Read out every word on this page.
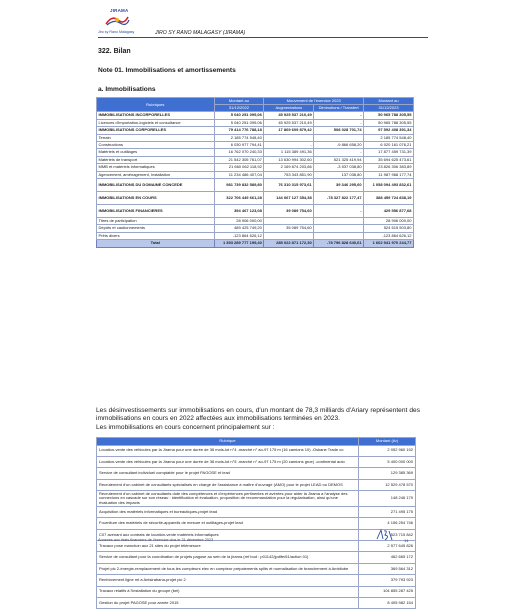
JIRAMA
Jiro sy Rano Malagasy	JIRO SY RANO MALAGASY (JIRAMA)
322. Bilan
Note 01. Immobilisations et amortissements
a. Immobilisations
Rubriques	Montant au	Mouvement de l'exercice 2023		Montant au
	31/12/2022	Augmentations	Diminutions / Transfert	31/12/2023
IMMOBILISATIONS INCORPORELLES	5 040 251 095,06	45 925 537 210,49	-	50 965 788 305,55
Licences d'importation-logiciels et consultance	5 040 251 095,06	45 925 537 210,49	-	50 965 788 305,55
IMMOBILISATIONS CORPORELLES	79 414 776 788,18	17 869 609 879,42	508 028 701,74	97 592 408 391,34
Terrain	2 185 774 548,40			2 185 774 548,40
Constructions	6 030 977 794,41	-	-9 866 658,20	6 020 161 076,21
Matériels et outillages	16 762 070 240,33	1 115 389 491,36	-	17 877 459 731,39
Matériels de transport	21 542 305 761,07	13 630 994 302,60	521 325 419,94	35 694 625 473,61
MMB et matériels informatiques	21 660 062 118,92	2 169 874 203,86	-3 537 038,80	23 826 306 383,89
Agencement, aménagement, Installation	11 234 486 407,04	753 343 851,90	137 038,80	11 987 968 177,74
IMMOBILISATIONS DU DOMAINE CONCEDE	981 739 832 589,80	76 310 315 973,61	39 346 295,60	1 058 094 493 832,61
IMMOBILISATIONS EN COURS	322 706 449 661,28	144 067 127 354,38	-78 327 822 177,47	388 459 724 838,19
IMMOBILISATIONS FINANCIERES	394 467 123,08	39 089 754,60	-	429 556 877,68
Titres de participation	28 906 000,00			28 906 000,00
Dépôts et cautionnements	489 425 749,20	35 089 754,60		524 515 503,80
Prêts divers	-123 864 626,12			-123 864 626,12
Total	1 393 289 777 199,40	285 022 871 172,30	-78 796 828 640,61	1 602 941 970 244,77
Les désinvestissements sur immobilisations en cours, d'un montant de 78,3 milliards d'Ariary représentent des immobilisations en cours en 2022 affectées aux immobilisations terminées en 2023.
Les immobilisations en cours concernent principalement sur :
Rubrique	Montant (Ar)
Location-vente des véhicules par la Jirama pour une durée de 36 mois-lot n°4 -marché n° ao-97 175 m (16 camions 10) -Oskane Trade co	2 052 960 192
Location-vente des véhicules par la Jirama pour une durée de 36 mois-lot n°5 -marché n° ao-97 175 m (20 camions grue) -continental auto	5 400 000 000
Service de consultant individuel comptable pour le projet PAGOSE et lead	129 385 369
Recrutement d'un cabinet de consultants spécialisés en charge de l'assistance à maître d'ouvrage (AMO) pour le projet LEAD ou DEMOS	12 529 478 570
Recrutement d'un cabinet de consultants dote des compétences et d'expériences pertinentes et avérées pour aider la Jirama a l'analyse des connexions en cascade sur son réseau : identification et évaluation, proposition de recommandation pour la régularisation, ainsi qu'une évaluation des impacts	148 246 179
Acquisition des matériels informatiques et bureautiques-projet lead	271 495 175
Fourniture des matériels de sécurité-appareils de mesure et outillages-projet lead	4 156 254 746
C07 avenant aux contrats de location-vente matériels informatiques	523 715 842
Travaux pose manchon aux 21 sites du projet télémesure	2 577 645 826
Service de consultant pour la coordination de projets pagose au sein de la jirama (ref bud : p01142/jpdlfe/61/action 01)	462 665 172
Projet pic 2-énergie-remplacement de tous les compteurs elec en compteur prépaiements splits et normalisation de branchement à Ambilobe	369 564 312
Renforcement ligne mt a Antsirabana-projet pic 2	379 793 923
Travaux relatifs à l'installation du groupe (bei)	104 855 287 425
Gestion du projet PAGOSE pour année 2015	8 405 982 154
Annexes aux états financiers de l'exercice clos le 31 décembre 2023	14
